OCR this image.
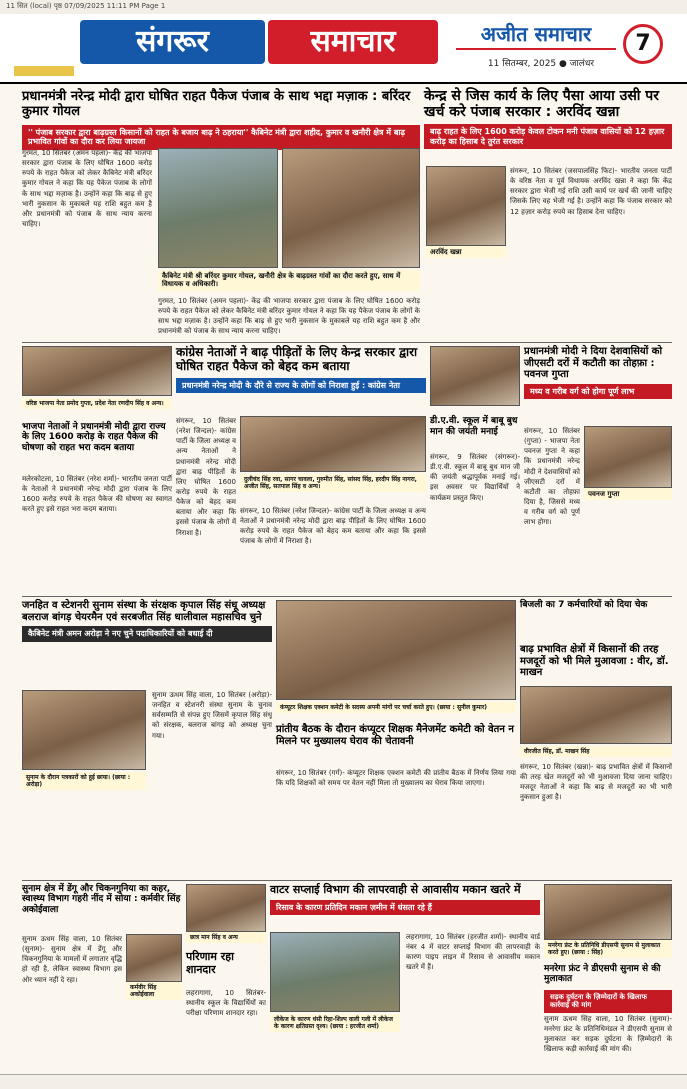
11 सित (local) पृष्ठ 07/09/2025 11:11 PM Page 1
संगरूर	समाचार	अजीत समाचार
11 सितम्बर, 2025 ● जालंधर
7
प्रधानमंत्री नरेन्द्र मोदी द्वारा घोषित राहत पैकेज पंजाब के साथ भद्दा मज़ाक : बरिंदर कुमार गोयल
'' पंजाब सरकार द्वारा बाढ़ग्रस्त किसानों को राहत के बजाय बाढ़ ने ठहराया'' कैबिनेट मंत्री द्वारा शहीद, कुमार व खनौरी क्षेत्र में बाढ़ प्रभावित गांवों का दौरा कर लिया जायजा
गुरमत, 10 सितंबर (अमन पहला)- केंद्र की भाजपा सरकार द्वारा पंजाब के लिए घोषित 1600 करोड़ रुपये के राहत पैकेज को लेकर कैबिनेट मंत्री बरिंदर कुमार गोयल ने कहा कि यह पैकेज पंजाब के लोगों के साथ भद्दा मज़ाक है। उन्होंने कहा कि बाढ़ से हुए भारी नुकसान के मुकाबले यह राशि बहुत कम है और प्रधानमंत्री को पंजाब के साथ न्याय करना चाहिए।
कैबिनेट मंत्री श्री बरिंदर कुमार गोयल, खनौरी क्षेत्र के बाढ़ग्रस्त गांवों का दौरा करते हुए, साथ में विधायक व अधिकारी।
गुरमत, 10 सितंबर (अमन पहला)- केंद्र की भाजपा सरकार द्वारा पंजाब के लिए घोषित 1600 करोड़ रुपये के राहत पैकेज को लेकर कैबिनेट मंत्री बरिंदर कुमार गोयल ने कहा कि यह पैकेज पंजाब के लोगों के साथ भद्दा मज़ाक है। उन्होंने कहा कि बाढ़ से हुए भारी नुकसान के मुकाबले यह राशि बहुत कम है और प्रधानमंत्री को पंजाब के साथ न्याय करना चाहिए।
केन्द्र से जिस कार्य के लिए पैसा आया उसी पर खर्च करे पंजाब सरकार : अरविंद खन्ना
बाढ़ राहत के लिए 1600 करोड़ केवल टोकन मनी पंजाब वासियों को 12 हज़ार करोड़ का हिसाब दे तुरंत सरकार
अरविंद खन्ना
संगरूर, 10 सितंबर (जसपालसिंह फिट)- भारतीय जनता पार्टी के वरिष्ठ नेता व पूर्व विधायक अरविंद खन्ना ने कहा कि केंद्र सरकार द्वारा भेजी गई राशि उसी कार्य पर खर्च की जानी चाहिए जिसके लिए वह भेजी गई है। उन्होंने कहा कि पंजाब सरकार को 12 हज़ार करोड़ रुपये का हिसाब देना चाहिए।
वरिष्ठ भाजपा नेता प्रमोद गुप्ता, प्रदेश नेता रणदीप सिंह व अन्य।
भाजपा नेताओं ने प्रधानमंत्री मोदी द्वारा राज्य के लिए 1600 करोड़ के राहत पैकेज की घोषणा को राहत भरा कदम बताया
मलेरकोटला, 10 सितंबर (नरेश शर्मा)- भारतीय जनता पार्टी के नेताओं ने प्रधानमंत्री नरेन्द्र मोदी द्वारा पंजाब के लिए 1600 करोड़ रुपये के राहत पैकेज की घोषणा का स्वागत करते हुए इसे राहत भरा कदम बताया।
कांग्रेस नेताओं ने बाढ़ पीड़ितों के लिए केन्द्र सरकार द्वारा घोषित राहत पैकेज को बेहद कम बताया
प्रधानमंत्री नरेन्द्र मोदी के दौरे से राज्य के लोगों को निराशा हुई : कांग्रेस नेता
संगरूर, 10 सितंबर (नरेश जिन्दल)- कांग्रेस पार्टी के जिला अध्यक्ष व अन्य नेताओं ने प्रधानमंत्री नरेन्द्र मोदी द्वारा बाढ़ पीड़ितों के लिए घोषित 1600 करोड़ रुपये के राहत पैकेज को बेहद कम बताया और कहा कि इससे पंजाब के लोगों में निराशा है।
दुलीचंद सिंह रवा, सागर चावला, गुरुमीत सिंह, सांसद सिंह, हरदीप सिंह नागरा, अजीत सिंह, सतपाल सिंह व अन्य।
संगरूर, 10 सितंबर (नरेश जिन्दल)- कांग्रेस पार्टी के जिला अध्यक्ष व अन्य नेताओं ने प्रधानमंत्री नरेन्द्र मोदी द्वारा बाढ़ पीड़ितों के लिए घोषित 1600 करोड़ रुपये के राहत पैकेज को बेहद कम बताया और कहा कि इससे पंजाब के लोगों में निराशा है।
डी.ए.वी. स्कूल में बाबू बुध मान की जयंती मनाई
संगरूर, 9 सितंबर (संगरूर)- डी.ए.वी. स्कूल में बाबू बुध मान जी की जयंती श्रद्धापूर्वक मनाई गई। इस अवसर पर विद्यार्थियों ने कार्यक्रम प्रस्तुत किए।
प्रधानमंत्री मोदी ने दिया देशवासियों को जीएसटी दरों में कटौती का तोहफ़ा : पवनज गुप्ता
मध्य व गरीब वर्ग को होगा पूर्ण लाभ
पवनज गुप्ता
संगरूर, 10 सितंबर (गुप्ता) - भाजपा नेता पवनज गुप्ता ने कहा कि प्रधानमंत्री नरेन्द्र मोदी ने देशवासियों को जीएसटी दरों में कटौती का तोहफ़ा दिया है, जिससे मध्य व गरीब वर्ग को पूर्ण लाभ होगा।
जनहित व स्टेशनरी सुनाम संस्था के संरक्षक कृपाल सिंह संधू अध्यक्ष बलराज बांगड़ चेयरमैन एवं सरबजीत सिंह धालीवाल महासचिव चुने
कैबिनेट मंत्री अमन अरोड़ा ने नए चुने पदाधिकारियों को बधाई दी
सुनाम के दौरान पत्रकारों को हुई छाया। (छाया : अरोड़ा)
सुनाम ऊधम सिंह वाला, 10 सितंबर (अरोड़ा)- जनहित व स्टेशनरी संस्था सुनाम के चुनाव सर्वसम्मति से संपन्न हुए जिसमें कृपाल सिंह संधू को संरक्षक, बलराज बांगड़ को अध्यक्ष चुना गया।
कंप्यूटर शिक्षक एक्शन कमेटी के सदस्य अपनी मांगों पर चर्चा करते हुए। (छाया : सुनील कुमार)
प्रांतीय बैठक के दौरान कंप्यूटर शिक्षक मैनेजमेंट कमेटी को वेतन न मिलने पर मुख्यालय घेराव की चेतावनी
संगरूर, 10 सितंबर (गर्ग)- कंप्यूटर शिक्षक एक्शन कमेटी की प्रांतीय बैठक में निर्णय लिया गया कि यदि शिक्षकों को समय पर वेतन नहीं मिला तो मुख्यालय का घेराव किया जाएगा।
बिजली का 7 कर्मचारियों को दिया चेक
बाढ़ प्रभावित क्षेत्रों में किसानों की तरह मजदूरों को भी मिले मुआवजा : वीर, डॉ. माखन
वीरजीत सिंह, डॉ. माखन सिंह
संगरूर, 10 सितंबर (खन्ना)- बाढ़ प्रभावित क्षेत्रों में किसानों की तरह खेत मजदूरों को भी मुआवजा दिया जाना चाहिए। मजदूर नेताओं ने कहा कि बाढ़ से मजदूरों का भी भारी नुकसान हुआ है।
सुनाम क्षेत्र में डेंगू और चिकनगुनिया का कहर, स्वास्थ्य विभाग गहरी नींद में सोया : कर्मवीर सिंह अकोईवाला
कर्मवीर सिंह अकोईवाला
सुनाम ऊधम सिंह वाला, 10 सितंबर (सुनाम)- सुनाम क्षेत्र में डेंगू और चिकनगुनिया के मामलों में लगातार वृद्धि हो रही है, लेकिन स्वास्थ्य विभाग इस ओर ध्यान नहीं दे रहा।
छात्र मान सिंह व अन्य
परिणाम रहा शानदार
लहरागागा, 10 सितंबर- स्थानीय स्कूल के विद्यार्थियों का परीक्षा परिणाम शानदार रहा।
वाटर सप्लाई विभाग की लापरवाही से आवासीय मकान खतरे में
रिसाव के कारण प्रतिदिन मकान ज़मीन में धंसता रहे हैं
लीकेज के कारण धंसी रिहा-शिल्प वाली गली में लीकेज के कारण क्षतिग्रस्त दृश्य। (छाया : हरजीत शर्मा)
लहरागागा, 10 सितंबर (हरजीत शर्मा)- स्थानीय वार्ड नंबर 4 में वाटर सप्लाई विभाग की लापरवाही के कारण पाइप लाइन में रिसाव से आवासीय मकान खतरे में हैं।
मनरेगा फ्रंट के प्रतिनिधि डीएसपी सुनाम से मुलाकात करते हुए। (छाया : सिंह)
मनरेगा फ्रंट ने डीएसपी सुनाम से की मुलाकात
सड़क दुर्घटना के ज़िम्मेदारों के खिलाफ कार्रवाई की मांग
सुनाम ऊधम सिंह वाला, 10 सितंबर (सुनाम)- मनरेगा फ्रंट के प्रतिनिधिमंडल ने डीएसपी सुनाम से मुलाकात कर सड़क दुर्घटना के ज़िम्मेदारों के खिलाफ कड़ी कार्रवाई की मांग की।
